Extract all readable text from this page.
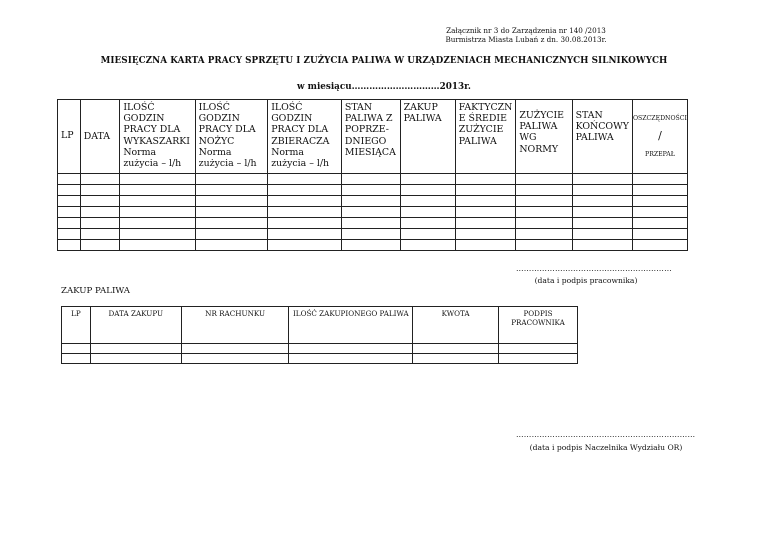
Załącznik nr 3 do Zarządzenia nr 140 /2013
Burmistrza Miasta Lubań z dn. 30.08.2013r.
MIESIĘCZNA KARTA PRACY SPRZĘTU I ZUŻYCIA PALIWA W URZĄDZENIACH MECHANICZNYCH SILNIKOWYCH
w miesiącu…………………………2013r.
LP	DATA	ILOŚĆ GODZIN PRACY DLA WYKASZARKI Norma zużycia – l/h	ILOŚĆ GODZIN PRACY DLA NOŻYC Norma zużycia – l/h	ILOŚĆ GODZIN PRACY DLA ZBIERACZA Norma zużycia – l/h	STAN PALIWA Z POPRZE- DNIEGO MIESIĄCA	ZAKUP PALIWA	FAKTYCZN E ŚREDIE ZUŻYCIE PALIWA	ZUŻYCIE PALIWA WG NORMY	STAN KOŃCOWY PALIWA	OSZCZĘDNOŚCI
/
PRZEPAŁ

……………………………………………………
(data i podpis pracownika)
ZAKUP PALIWA
LP	DATA ZAKUPU	NR RACHUNKU	ILOŚĆ ZAKUPIONEGO PALIWA	KWOTA	PODPIS PRACOWNIKA

……………………………………………………………
(data i podpis Naczelnika Wydziału OR)
